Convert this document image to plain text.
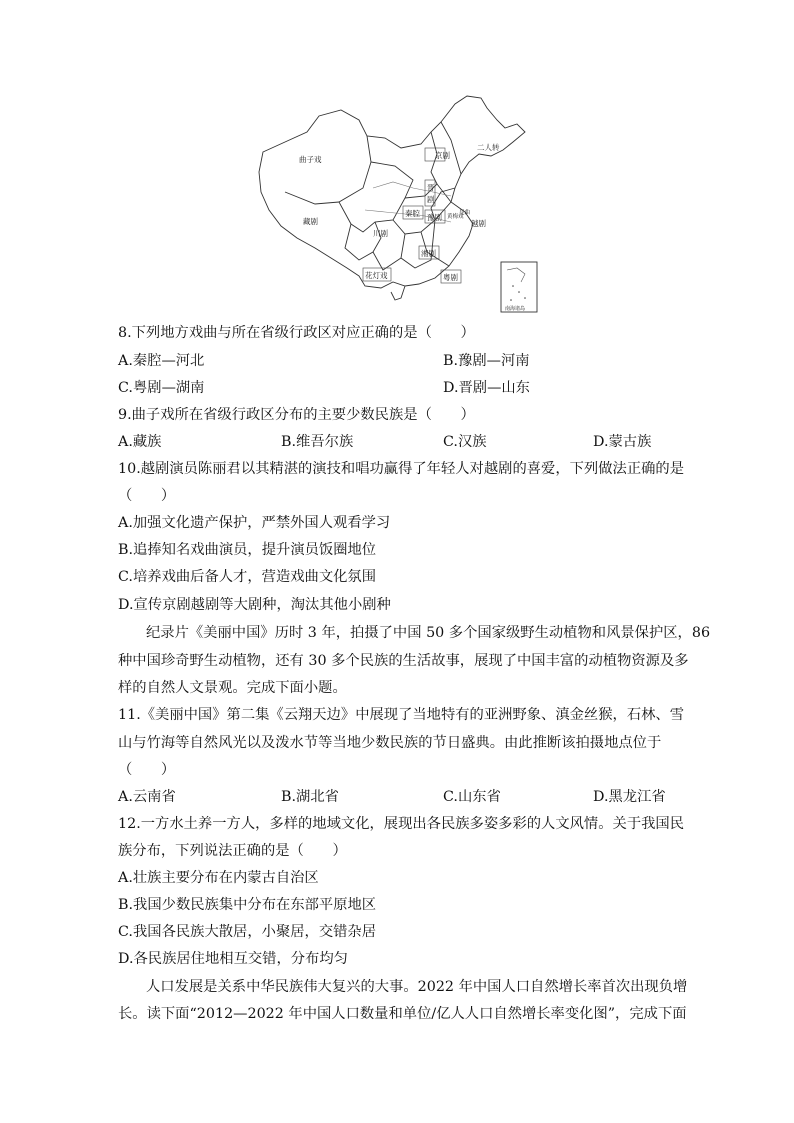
南海诸岛
曲子戏
二人转
京剧
晋
剧
藏剧
秦腔 豫剧 黄梅戏
昆曲
越剧
川剧
湘剧
花灯戏	粤剧
8.下列地方戏曲与所在省级行政区对应正确的是（　　）
A.秦腔—河北	B.豫剧—河南
C.粤剧—湖南	D.晋剧—山东
9.曲子戏所在省级行政区分布的主要少数民族是（　　）
A.藏族	B.维吾尔族	C.汉族	D.蒙古族
10.越剧演员陈丽君以其精湛的演技和唱功赢得了年轻人对越剧的喜爱，下列做法正确的是
（　　）
A.加强文化遗产保护，严禁外国人观看学习
B.追捧知名戏曲演员，提升演员饭圈地位
C.培养戏曲后备人才，营造戏曲文化氛围
D.宣传京剧越剧等大剧种，淘汰其他小剧种
纪录片《美丽中国》历时 3 年，拍摄了中国 50 多个国家级野生动植物和风景保护区，86
种中国珍奇野生动植物，还有 30 多个民族的生活故事，展现了中国丰富的动植物资源及多
样的自然人文景观。完成下面小题。
11.《美丽中国》第二集《云翔天边》中展现了当地特有的亚洲野象、滇金丝猴，石林、雪
山与竹海等自然风光以及泼水节等当地少数民族的节日盛典。由此推断该拍摄地点位于
（　　）
A.云南省	B.湖北省	C.山东省	D.黑龙江省
12.一方水土养一方人，多样的地域文化，展现出各民族多姿多彩的人文风情。关于我国民
族分布，下列说法正确的是（　　）
A.壮族主要分布在内蒙古自治区
B.我国少数民族集中分布在东部平原地区
C.我国各民族大散居，小聚居，交错杂居
D.各民族居住地相互交错，分布均匀
人口发展是关系中华民族伟大复兴的大事。2022 年中国人口自然增长率首次出现负增
长。读下面“2012—2022 年中国人口数量和单位/亿人人口自然增长率变化图”，完成下面
